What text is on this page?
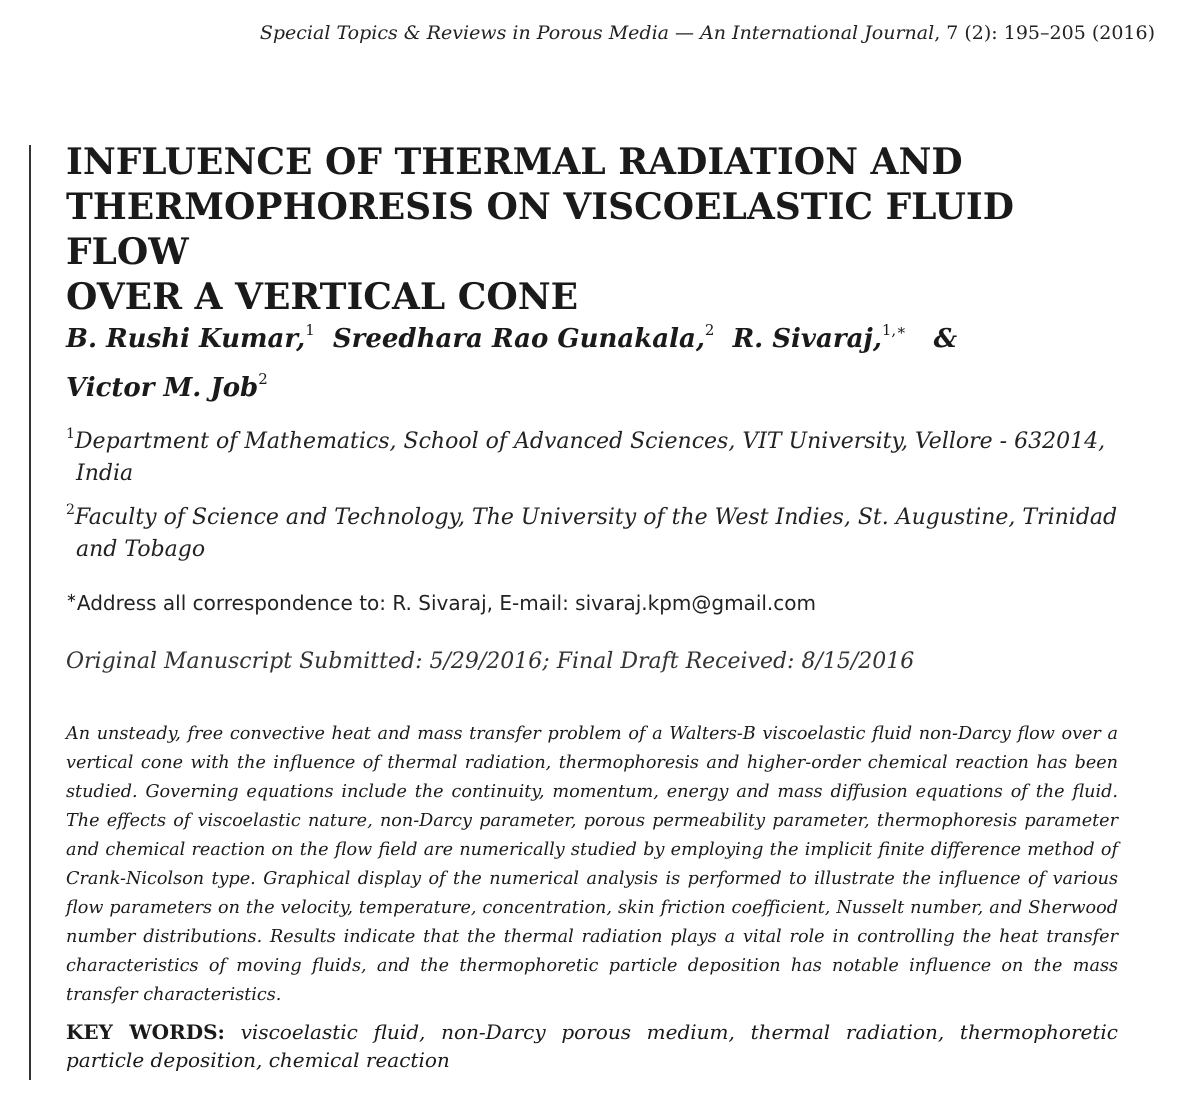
Special Topics & Reviews in Porous Media — An International Journal, 7 (2): 195–205 (2016)
INFLUENCE OF THERMAL RADIATION AND
THERMOPHORESIS ON VISCOELASTIC FLUID FLOW
OVER A VERTICAL CONE
B. Rushi Kumar,$^1$ Sreedhara Rao Gunakala,$^2$ R. Sivaraj,$^{1,∗}$ &
Victor M. Job$^2$
$^1$Department of Mathematics, School of Advanced Sciences, VIT University, Vellore - 632014,
India
$^2$Faculty of Science and Technology, The University of the West Indies, St. Augustine, Trinidad
and Tobago
∗Address all correspondence to: R. Sivaraj, E-mail: sivaraj.kpm@gmail.com
Original Manuscript Submitted: 5/29/2016; Final Draft Received: 8/15/2016

An unsteady, free convective heat and mass transfer problem of a Walters-B viscoelastic fluid non-Darcy flow over a vertical cone with the influence of thermal radiation, thermophoresis and higher-order chemical reaction has been studied. Governing equations include the continuity, momentum, energy and mass diffusion equations of the fluid. The effects of viscoelastic nature, non-Darcy parameter, porous permeability parameter, thermophoresis parameter and chemical reaction on the flow field are numerically studied by employing the implicit finite difference method of Crank-Nicolson type. Graphical display of the numerical analysis is performed to illustrate the influence of various flow parameters on the velocity, temperature, concentration, skin friction coefficient, Nusselt number, and Sherwood number distributions. Results indicate that the thermal radiation plays a vital role in controlling the heat transfer characteristics of moving fluids, and the thermophoretic particle deposition has notable influence on the mass transfer characteristics.

KEY WORDS: viscoelastic fluid, non-Darcy porous medium, thermal radiation, thermophoretic particle deposition, chemical reaction
